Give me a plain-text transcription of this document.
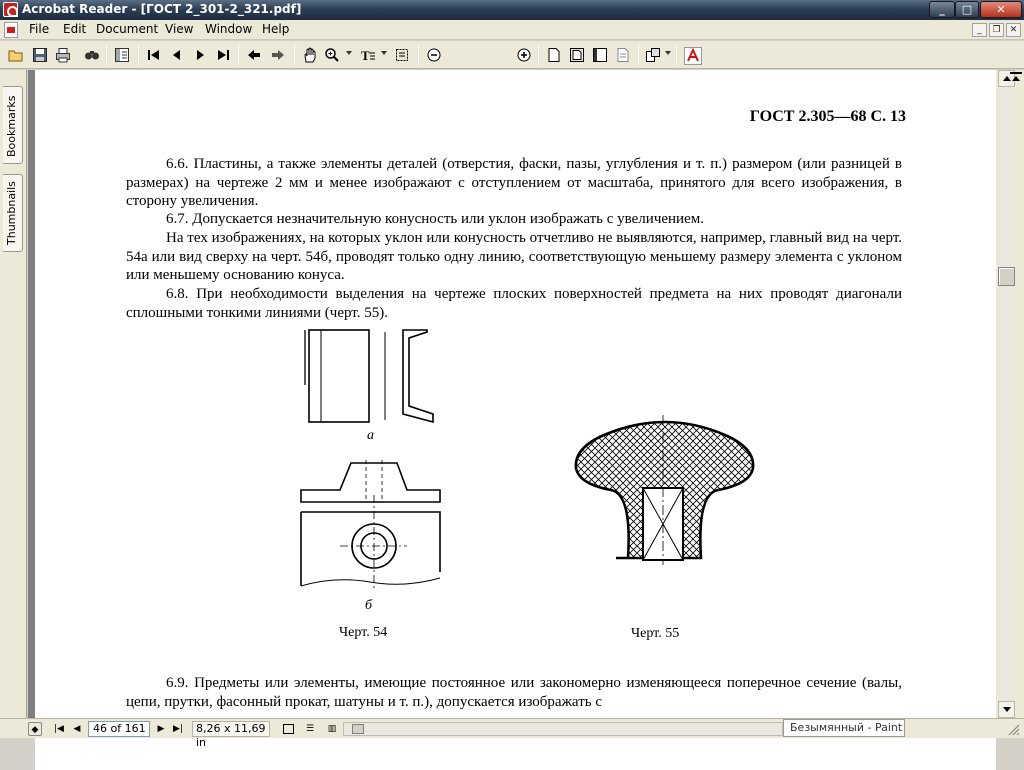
Acrobat Reader - [ГОСТ 2_301-2_321.pdf]	_	□	✕
File Edit Document View Window Help	_	❐	✕
T
Bookmarks
Thumbnails
ГОСТ 2.305—68 С. 13

6.6. Пластины, а также элементы деталей (отверстия, фаски, пазы, углубления и т. п.) размером (или разницей в размерах) на чертеже 2 мм и менее изображают с отступлением от масштаба, принятого для всего изображения, в сторону увеличения.

6.7. Допускается незначительную конусность или уклон изображать с увеличением.

На тех изображениях, на которых уклон или конусность отчетливо не выявляются, например, главный вид на черт. 54а или вид сверху на черт. 54б, проводят только одну линию, соответствующую меньшему размеру элемента с уклоном или меньшему основанию конуса.

6.8. При необходимости выделения на чертеже плоских поверхностей предмета на них проводят диагонали сплошными тонкими линиями (черт. 55).

а
б
Черт. 54	Черт. 55

6.9. Предметы или элементы, имеющие постоянное или закономерно изменяющееся поперечное сечение (валы, цепи, прутки, фасонный прокат, шатуны и т. п.), допускается изображать с

◆	|◀	◀	46 of 161	▶ ▶|	8,26 x 11,69 in
☰	▥	Безымянный - Paint
